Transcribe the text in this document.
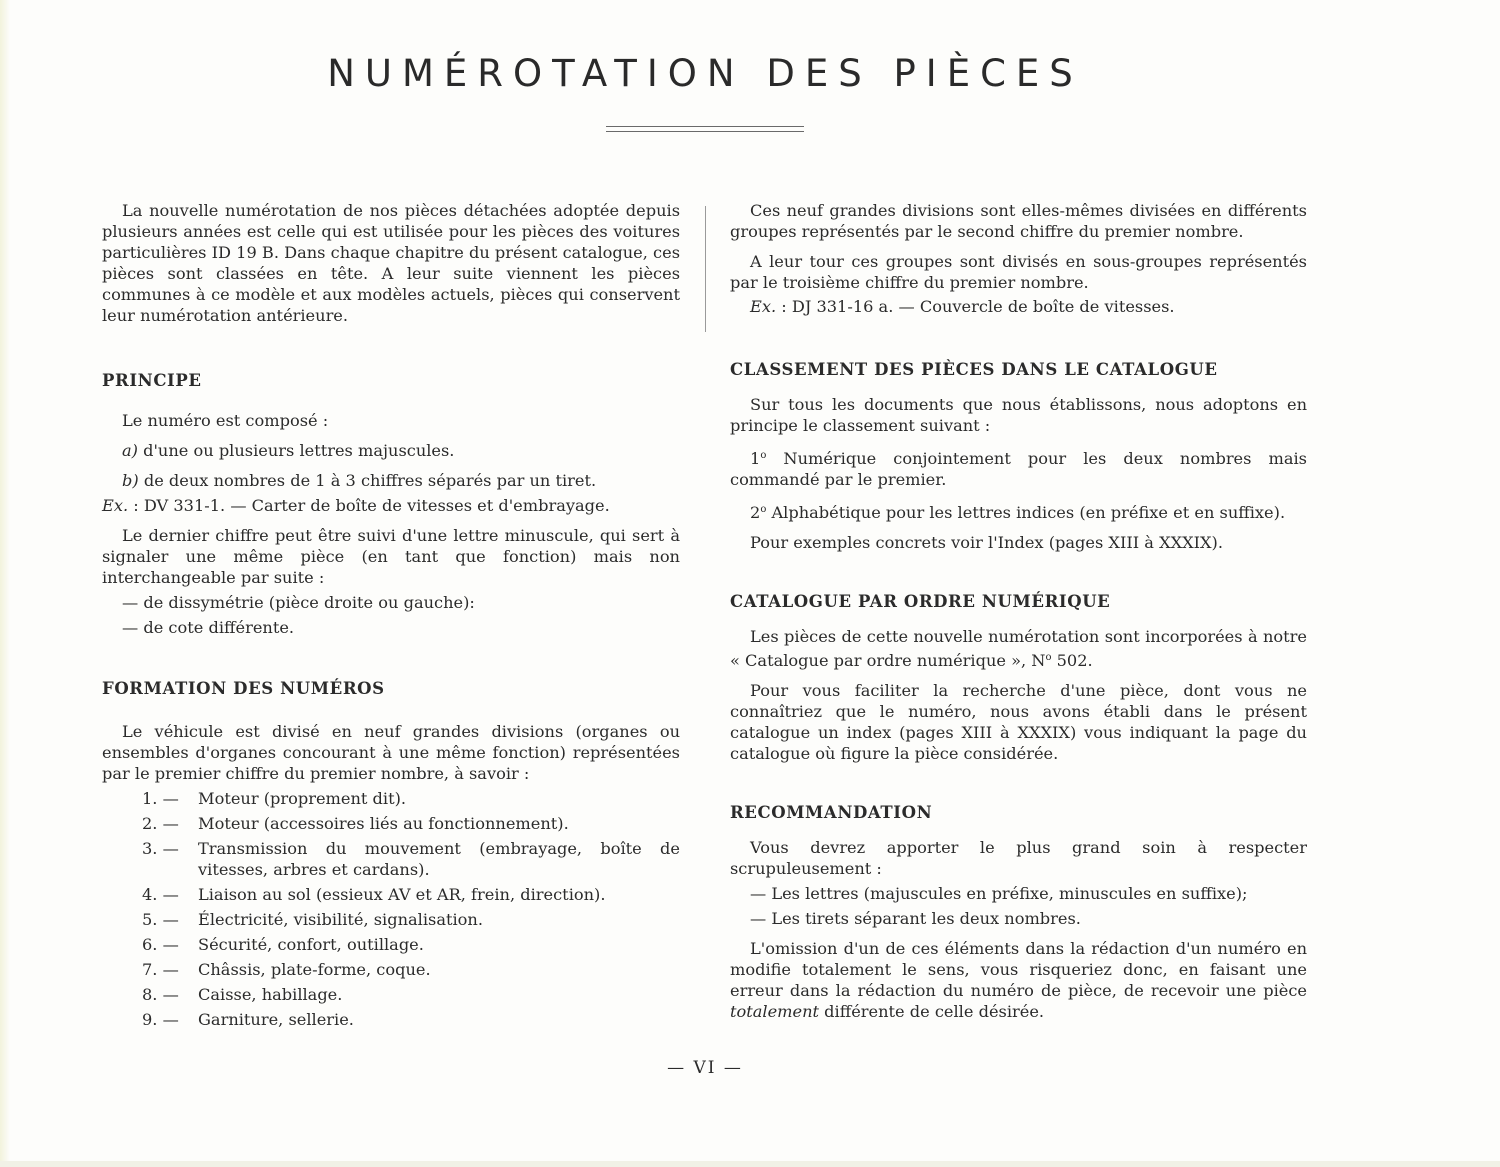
NUMÉROTATION DES PIÈCES

La nouvelle numérotation de nos pièces détachées adoptée depuis plusieurs années est celle qui est utilisée pour les pièces des voitures particulières ID 19 B. Dans chaque chapitre du présent catalogue, ces pièces sont classées en tête. A leur suite viennent les pièces communes à ce modèle et aux modèles actuels, pièces qui conservent leur numérotation antérieure.

PRINCIPE

Le numéro est composé :

a) d'une ou plusieurs lettres majuscules.

b) de deux nombres de 1 à 3 chiffres séparés par un tiret.

Ex. : DV 331-1. — Carter de boîte de vitesses et d'embrayage.

Le dernier chiffre peut être suivi d'une lettre minuscule, qui sert à signaler une même pièce (en tant que fonction) mais non interchangeable par suite :

— de dissymétrie (pièce droite ou gauche):

— de cote différente.

FORMATION DES NUMÉROS

Le véhicule est divisé en neuf grandes divisions (organes ou ensembles d'organes concourant à une même fonction) représentées par le premier chiffre du premier nombre, à savoir :

1. —	Moteur (proprement dit).
2. —	Moteur (accessoires liés au fonctionnement).
3. —	Transmission du mouvement (embrayage, boîte de vitesses, arbres et cardans).
4. —	Liaison au sol (essieux AV et AR, frein, direction).
5. —	Électricité, visibilité, signalisation.
6. —	Sécurité, confort, outillage.
7. —	Châssis, plate-forme, coque.
8. —	Caisse, habillage.
9. —	Garniture, sellerie.

Ces neuf grandes divisions sont elles-mêmes divisées en différents groupes représentés par le second chiffre du premier nombre.

A leur tour ces groupes sont divisés en sous-groupes représentés par le troisième chiffre du premier nombre.

Ex. : DJ 331-16 a. — Couvercle de boîte de vitesses.

CLASSEMENT DES PIÈCES DANS LE CATALOGUE

Sur tous les documents que nous établissons, nous adoptons en principe le classement suivant :

1$^o$ Numérique conjointement pour les deux nombres mais commandé par le premier.

2$^o$ Alphabétique pour les lettres indices (en préfixe et en suffixe).

Pour exemples concrets voir l'Index (pages XIII à XXXIX).

CATALOGUE PAR ORDRE NUMÉRIQUE

Les pièces de cette nouvelle numérotation sont incorporées à notre « Catalogue par ordre numérique », $N^o$ 502.

Pour vous faciliter la recherche d'une pièce, dont vous ne connaîtriez que le numéro, nous avons établi dans le présent catalogue un index (pages XIII à XXXIX) vous indiquant la page du catalogue où figure la pièce considérée.

RECOMMANDATION

Vous devrez apporter le plus grand soin à respecter scrupuleusement :

— Les lettres (majuscules en préfixe, minuscules en suffixe);

— Les tirets séparant les deux nombres.

L'omission d'un de ces éléments dans la rédaction d'un numéro en modifie totalement le sens, vous risqueriez donc, en faisant une erreur dans la rédaction du numéro de pièce, de recevoir une pièce totalement différente de celle désirée.

— VI —
